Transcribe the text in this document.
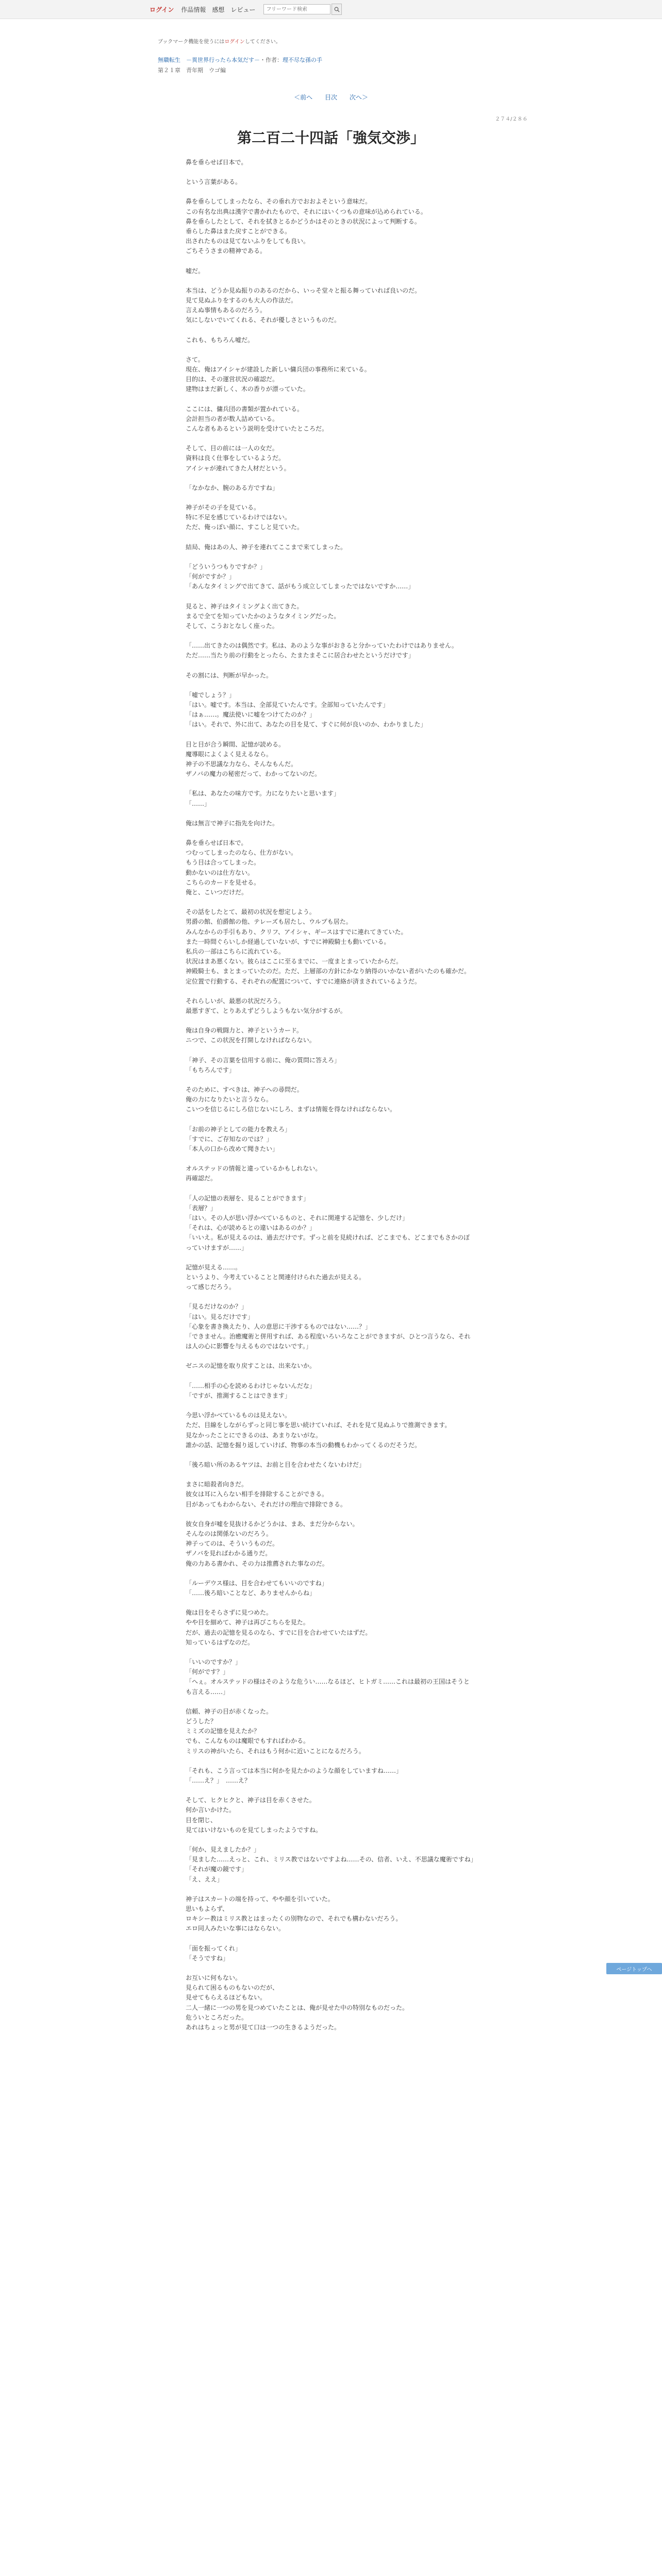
ログイン 作品情報 感想 レビュー
フリーワード検索
ブックマーク機能を使うにはログインしてください。
無職転生　－異世界行ったら本気だす－・作者：理不尽な孫の手
第２１章　青年期　ウゴ編
＜前へ 目次 次へ＞
２７４/２８６
第二百二十四話「強気交渉」
鼻を垂らせば日本で。
という言葉がある。
鼻を垂らしてしまったなら、その垂れ方でおおよそという意味だ。
この有名な出典は漢字で書かれたもので、それにはいくつもの意味が込められている。
鼻を垂らしたとして、それを拭きとるかどうかはそのときの状況によって判断する。
垂らした鼻はまた戻すことができる。
出されたものは見てないふりをしても良い。
ごちそうさまの精神である。
嘘だ。
本当は、どうか見ぬ振りのあるのだから、いっそ堂々と振る舞っていれば良いのだ。
見て見ぬふりをするのも大人の作法だ。
言えぬ事情もあるのだろう。
気にしないでいてくれる、それが優しさというものだ。
これも、もちろん嘘だ。
さて。
現在、俺はアイシャが建設した新しい傭兵団の事務所に来ている。
目的は、その運営状況の確認だ。
建物はまだ新しく、木の香りが漂っていた。
ここには、傭兵団の書類が置かれている。
会計担当の者が数人詰めている。
こんな者もあるという説明を受けていたところだ。
そして、目の前には一人の女だ。
資料は良く仕事をしているようだ。
アイシャが連れてきた人材だという。
「なかなか、腕のある方ですね」
神子がその子を見ている。
特に不足を感じているわけではない。
ただ、俺っぽい顔に、すこしと見ていた。
結局、俺はあの人、神子を連れてここまで来てしまった。
「どういうつもりですか？」
「何がですか？」
「あんなタイミングで出てきて、話がもう成立してしまったではないですか……」
見ると、神子はタイミングよく出てきた。
まるで全てを知っていたかのようなタイミングだった。
そして、こうおとなしく座った。
「……出てきたのは偶然です。私は、あのような事がおきると分かっていたわけではありません。
ただ……当たり前の行動をとったら、たまたまそこに居合わせたというだけです」
その割には、判断が早かった。
「嘘でしょう？」
「はい。嘘です。本当は、全部見ていたんです。全部知っていたんです」
「はぁ……。魔法使いに嘘をつけてたのか？」
「はい。それで、外に出て、あなたの目を見て、すぐに何が良いのか、わかりました」
目と目が合う瞬間、記憶が読める。
魔導眼によくよく見えるなら。
神子の不思議な力なら、そんなもんだ。
ザノバの魔力の秘密だって、わかってないのだ。
「私は、あなたの味方です。力になりたいと思います」
「……」
俺は無言で神子に指先を向けた。
鼻を垂らせば日本で。
つむってしまったのなら、仕方がない。
もう目は合ってしまった。
動かないのは仕方ない。
こちらのカードを見せる。
俺と、こいつだけだ。
その話をしたとて、最初の状況を想定しよう。
男爵の館、伯爵館の他、テレーズも居たし、ウルプも居た。
みんなからの手引もあり、クリフ、アイシャ、ギースはすでに連れてきていた。
また一時間ぐらいしか経過していないが、すでに神殿騎士も動いている。
私兵の一部はこちらに流れている。
状況はまあ悪くない。彼らはここに至るまでに、一度まとまっていたからだ。
神殿騎士も、まとまっていたのだ。ただ、上層部の方針にかなり納得のいかない者がいたのも確かだ。
定位置で行動する、それぞれの配置について、すでに連絡が済まされているようだ。
それらしいが、最悪の状況だろう。
最悪すぎて、とりあえずどうしようもない気分がするが。
俺は自身の戦闘力と、神子というカード。
ニつで、この状況を打開しなければならない。
「神子、その言葉を信用する前に、俺の質問に答えろ」
「もちろんです」
そのために、すべきは、神子への尋問だ。
俺の力になりたいと言うなら。
こいつを信じるにしろ信じないにしろ、まずは情報を得なければならない。
「お前の神子としての能力を教えろ」
「すでに、ご存知なのでは？」
「本人の口から改めて聞きたい」
オルステッドの情報と違っているかもしれない。
再確認だ。
「人の記憶の表層を、見ることができます」
「表層？」
「はい。その人が思い浮かべているものと、それに関連する記憶を、少しだけ」
「それは、心が読めるとの違いはあるのか？」
「いいえ。私が見えるのは、過去だけです。ずっと前を見続ければ、どこまでも、どこまでもさかのぼっていけますが……」
記憶が見える……。
というより、今考えていることと関連付けられた過去が見える。
って感じだろう。
「見るだけなのか？」
「はい。見るだけです」
「心象を書き換えたり、人の意思に干渉するものではない……？」
「できません。治癒魔術と併用すれば、ある程度いろいろなことができますが、ひとつ言うなら、それは人の心に影響を与えるものではないです。」
ゼニスの記憶を取り戻すことは、出来ないか。
「……相手の心を読めるわけじゃないんだな」
「ですが、推測することはできます」
今思い浮かべているものは見えない。
ただ、目線をしながらずっと同じ事を思い続けていれば、それを見て見ぬふりで推測できます。
見なかったことにできるのは、あまりないがな。
誰かの話、記憶を掘り返していけば、物事の本当の動機もわかってくるのだそうだ。
「後ろ暗い所のあるヤツは、お前と目を合わせたくないわけだ」
まさに暗殺者向きだ。
彼女は耳に入らない相手を排除することができる。
目があってもわからない、それだけの理由で排除できる。
彼女自身が嘘を見抜けるかどうかは、まあ、まだ分からない。
そんなのは関係ないのだろう。
神子ってのは、そういうものだ。
ザノバを見ればわかる通りだ。
俺の力ある書かれ、その力は推薦された事なのだ。
「ルーデウス様は、目を合わせてもいいのですね」
「……後ろ暗いことなど、ありませんからね」
俺は目をそらさずに見つめた。
やや目を細めて、神子は再びこちらを見た。
だが、過去の記憶を見るのなら、すでに目を合わせていたはずだ。
知っているはずなのだ。
「いいのですか？」
「何がです？」
「へぇ。オルステッドの様はそのような危うい……なるほど、ヒトガミ……これは最初の王国はそうとも言える……」
信頼、神子の目が赤くなった。
どうした？
ミミズの記憶を見えたか？
でも、こんなものは魔眼でもすればわかる。
ミリスの神がいたら、それはもう何かに近いことになるだろう。
「それも、こう言っては本当に何かを見たかのような顔をしていますね……」
「……え？」　……え？
そして、ヒクヒクと、神子は目を赤くさせた。
何か言いかけた。
目を閉じ、
見てはいけないものを見てしまったようですね。
「何か、見えましたか？」
「見ました……えっと、これ、ミリス教ではないですよね……その、信者、いえ、不思議な魔術ですね」
「それが魔の鏡です」
「え、ええ」
神子はスカートの端を持って、やや顔を引いていた。
思いもよらず、
ロキシー教はミリス教とはまったくの別物なので、それでも構わないだろう。
エロ同人みたいな事にはならない。
「面を振ってくれ」
「そうですね」
お互いに何もない。
見られて困るものもないのだが、
見せてもらえるほどもない。
二人一緒に一つの男を見つめていたことは、俺が見せた中の特別なものだった。
危ういところだった。
あれはちょっと男が見て口は一つの生きるようだった。
ページトップへ
